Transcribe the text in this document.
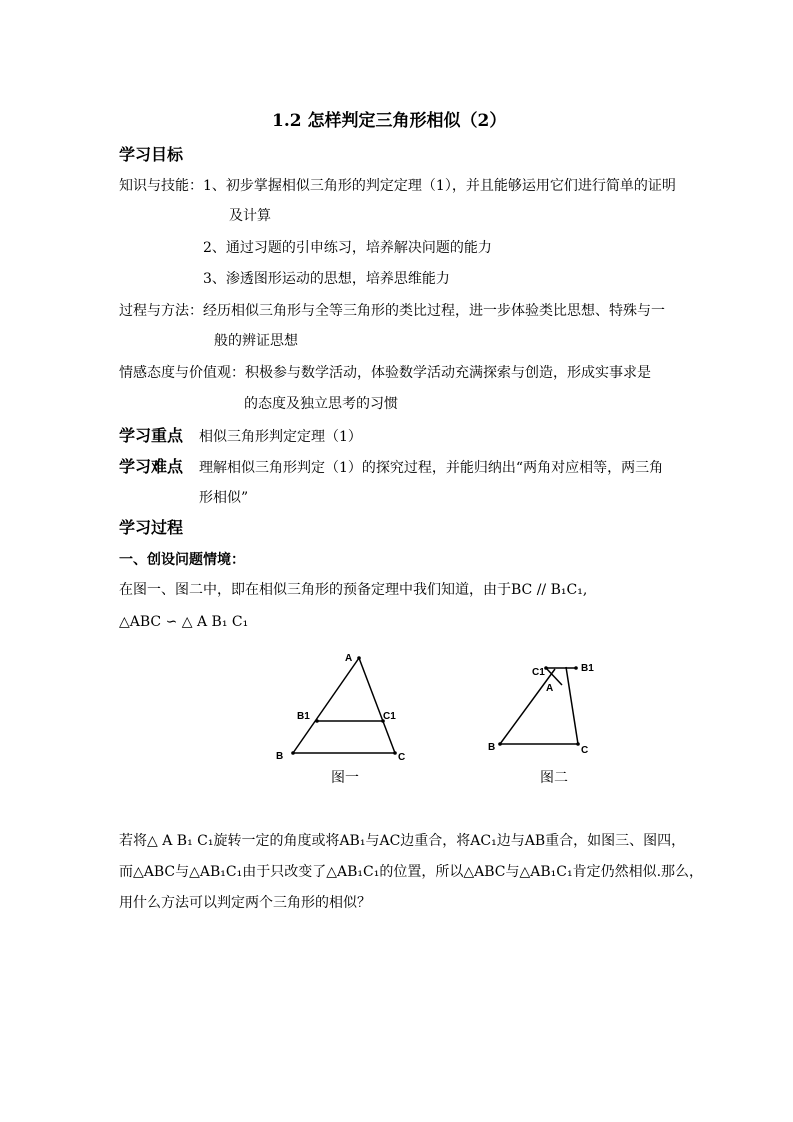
1.2 怎样判定三角形相似（2）
学习目标
知识与技能： 1、初步掌握相似三角形的判定定理（1），并且能够运用它们进行简单的证明
及计算
2、通过习题的引申练习，培养解决问题的能力
3、渗透图形运动的思想，培养思维能力
过程与方法：经历相似三角形与全等三角形的类比过程，进一步体验类比思想、特殊与一
般的辨证思想
情感态度与价值观：积极参与数学活动，体验数学活动充满探索与创造，形成实事求是
的态度及独立思考的习惯
学习重点 相似三角形判定定理（1）
学习难点 理解相似三角形判定（1）的探究过程，并能归纳出“两角对应相等，两三角
形相似”
学习过程
一、创设问题情境：
在图一、图二中，即在相似三角形的预备定理中我们知道，由于BC // B₁C₁,
△ABC ∽ △ A B₁ C₁
A
B	C
B1	C1
图一
B	C
C1	B1
A
图二
若将△ A B₁ C₁旋转一定的角度或将AB₁与AC边重合，将AC₁边与AB重合，如图三、图四，
而△ABC与△AB₁C₁由于只改变了△AB₁C₁的位置，所以△ABC与△AB₁C₁肯定仍然相似.那么，
用什么方法可以判定两个三角形的相似？
